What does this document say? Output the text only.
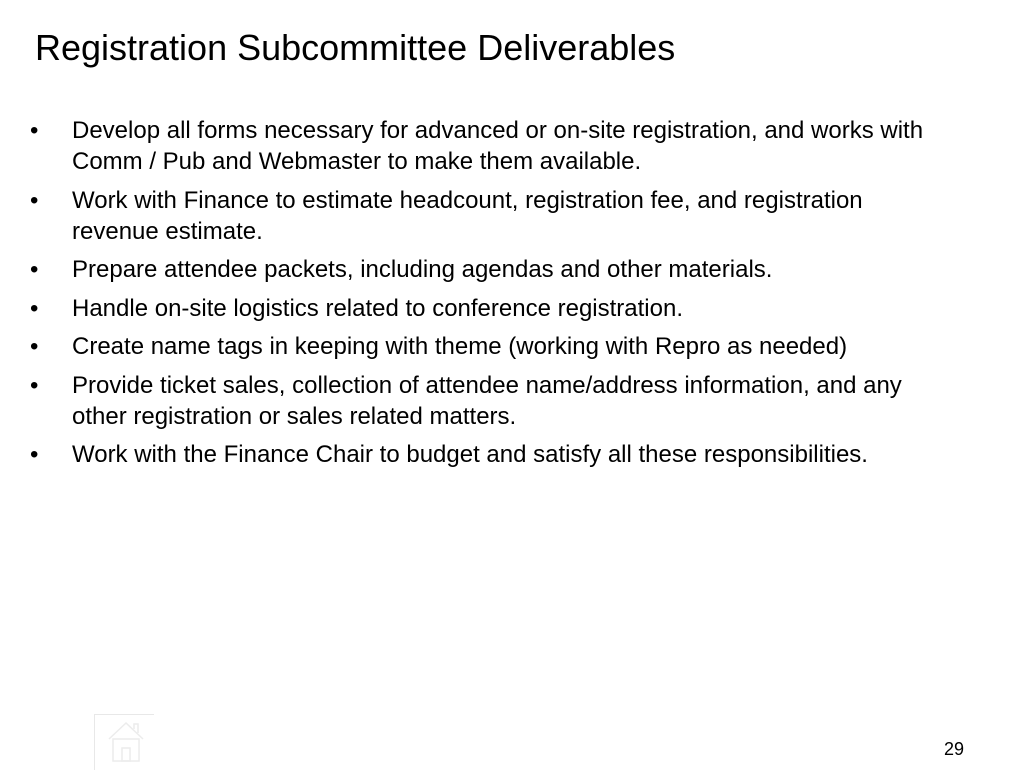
Registration Subcommittee Deliverables
•	Develop all forms necessary for advanced or on-site registration, and works with Comm / Pub and Webmaster to make them available.
•	Work with Finance to estimate headcount, registration fee, and registration revenue estimate.
•	Prepare attendee packets, including agendas and other materials.
•	Handle on-site logistics related to conference registration.
•	Create name tags in keeping with theme (working with Repro as needed)
•	Provide ticket sales, collection of attendee name/address information, and any other registration or sales related matters.
•	Work with the Finance Chair to budget and satisfy all these responsibilities.
29
